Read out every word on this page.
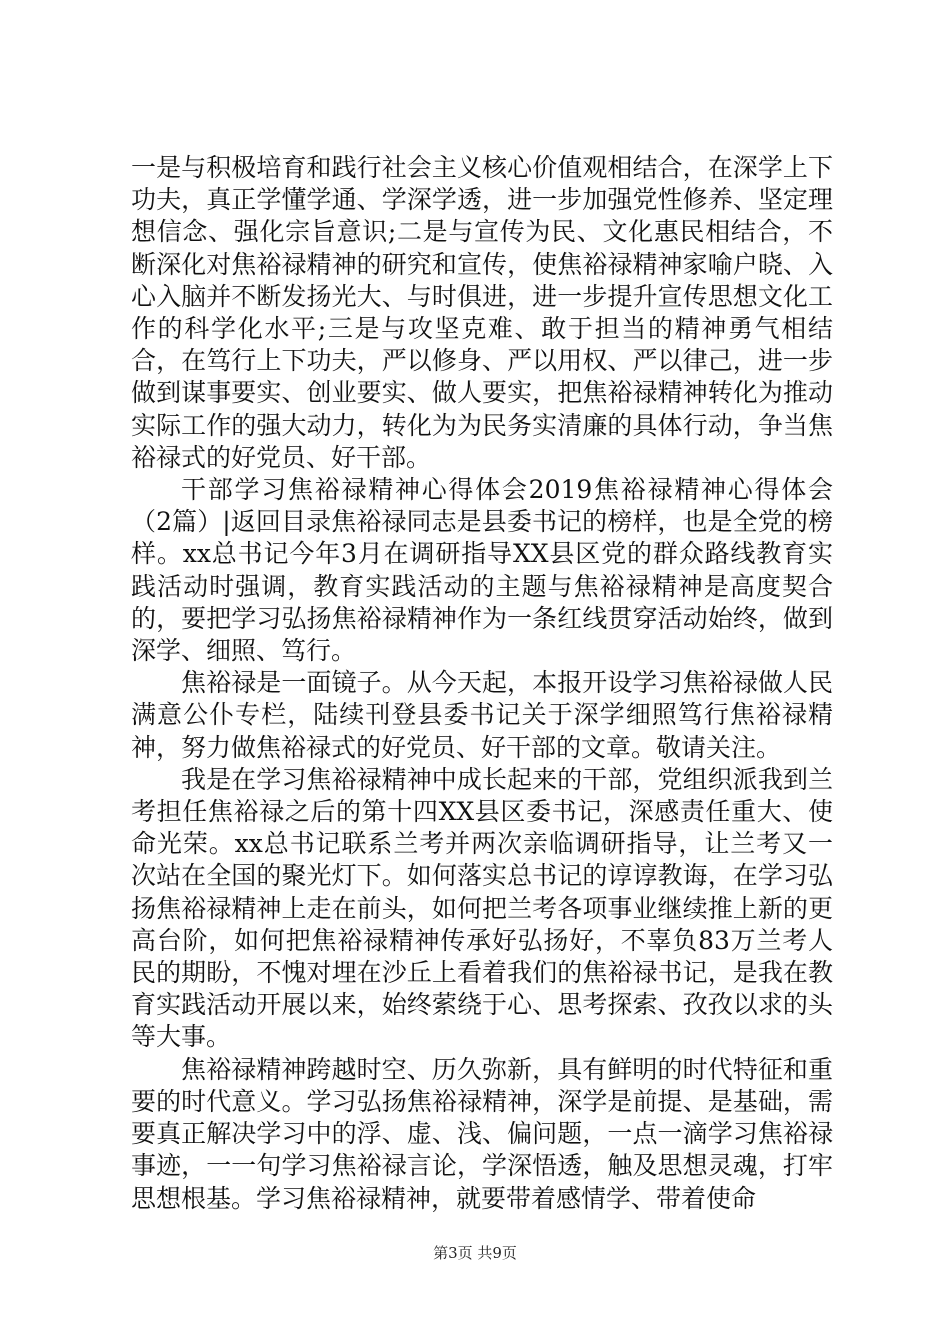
一是与积极培育和践行社会主义核心价值观相结合，在深学上下功夫，真正学懂学通、学深学透，进一步加强党性修养、坚定理想信念、强化宗旨意识;二是与宣传为民、文化惠民相结合，不断深化对焦裕禄精神的研究和宣传，使焦裕禄精神家喻户晓、入心入脑并不断发扬光大、与时俱进，进一步提升宣传思想文化工作的科学化水平;三是与攻坚克难、敢于担当的精神勇气相结合，在笃行上下功夫，严以修身、严以用权、严以律己，进一步做到谋事要实、创业要实、做人要实，把焦裕禄精神转化为推动实际工作的强大动力，转化为为民务实清廉的具体行动，争当焦裕禄式的好党员、好干部。

干部学习焦裕禄精神心得体会2019焦裕禄精神心得体会（2篇）|返回目录焦裕禄同志是县委书记的榜样，也是全党的榜样。xx总书记今年3月在调研指导XX县区党的群众路线教育实践活动时强调，教育实践活动的主题与焦裕禄精神是高度契合的，要把学习弘扬焦裕禄精神作为一条红线贯穿活动始终，做到深学、细照、笃行。

焦裕禄是一面镜子。从今天起，本报开设学习焦裕禄做人民满意公仆专栏，陆续刊登县委书记关于深学细照笃行焦裕禄精神，努力做焦裕禄式的好党员、好干部的文章。敬请关注。

我是在学习焦裕禄精神中成长起来的干部，党组织派我到兰考担任焦裕禄之后的第十四XX县区委书记，深感责任重大、使命光荣。xx总书记联系兰考并两次亲临调研指导，让兰考又一次站在全国的聚光灯下。如何落实总书记的谆谆教诲，在学习弘扬焦裕禄精神上走在前头，如何把兰考各项事业继续推上新的更高台阶，如何把焦裕禄精神传承好弘扬好，不辜负83万兰考人民的期盼，不愧对埋在沙丘上看着我们的焦裕禄书记，是我在教育实践活动开展以来，始终萦绕于心、思考探索、孜孜以求的头等大事。

焦裕禄精神跨越时空、历久弥新，具有鲜明的时代特征和重要的时代意义。学习弘扬焦裕禄精神，深学是前提、是基础，需要真正解决学习中的浮、虚、浅、偏问题，一点一滴学习焦裕禄事迹，一一句学习焦裕禄言论，学深悟透，触及思想灵魂，打牢思想根基。学习焦裕禄精神，就要带着感情学、带着使命

第3页 共9页
